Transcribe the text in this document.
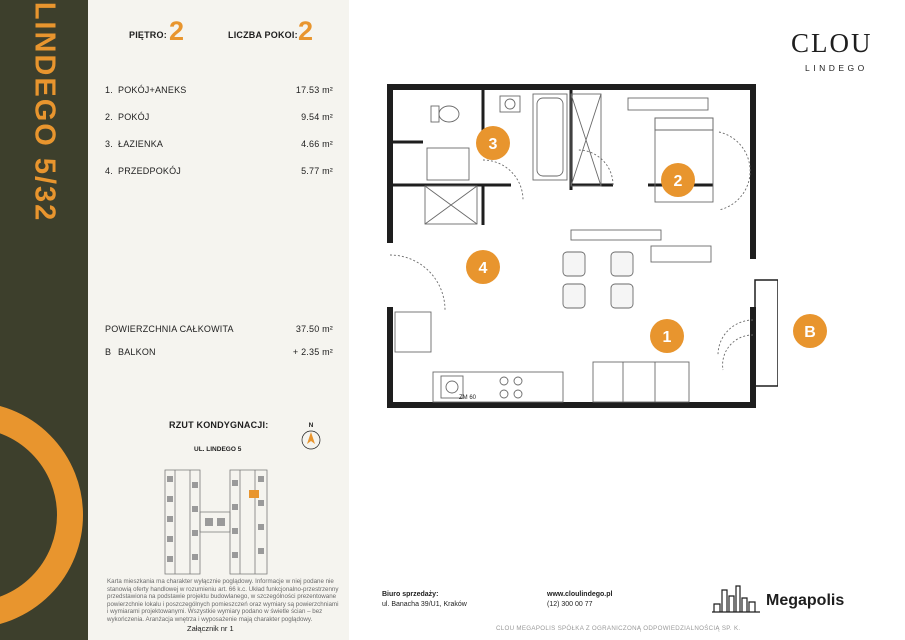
LINDEGO 5/32	PIĘTRO: 2	LICZBA POKOI: 2
1. POKÓJ+ANEKS	17.53 m²
2. POKÓJ	9.54 m²
3. ŁAZIENKA	4.66 m²
4. PRZEDPOKÓJ	5.77 m²
POWIERZCHNIA CAŁKOWITA	37.50 m²
B BALKON	+ 2.35 m²
RZUT KONDYGNACJI:
UL. LINDEGO 5
N
Karta mieszkania ma charakter wyłącznie poglądowy. Informacje w niej podane nie
stanowią oferty handlowej w rozumieniu art. 66 k.c. Układ funkcjonalno-przestrzenny
przedstawiona na podstawie projektu budowlanego, w szczególności prezentowane
powierzchnie lokalu i poszczególnych pomieszczeń oraz wymiary są powierzchniami
i wymiarami projektowanymi. Wszystkie wymiary podano w świetle ścian – bez
wykończenia. Aranżacja wnętrza i wyposażenie mają charakter poglądowy.
Załącznik nr 1
CLOU
LINDEGO
ZM 60
3
2
4
1	B
Biuro sprzedaży:
ul. Banacha 39/U1, Kraków
www.cloulindego.pl
(12) 300 00 77	Megapolis
CLOU MEGAPOLIS SPÓŁKA Z OGRANICZONĄ ODPOWIEDZIALNOŚCIĄ SP. K.
